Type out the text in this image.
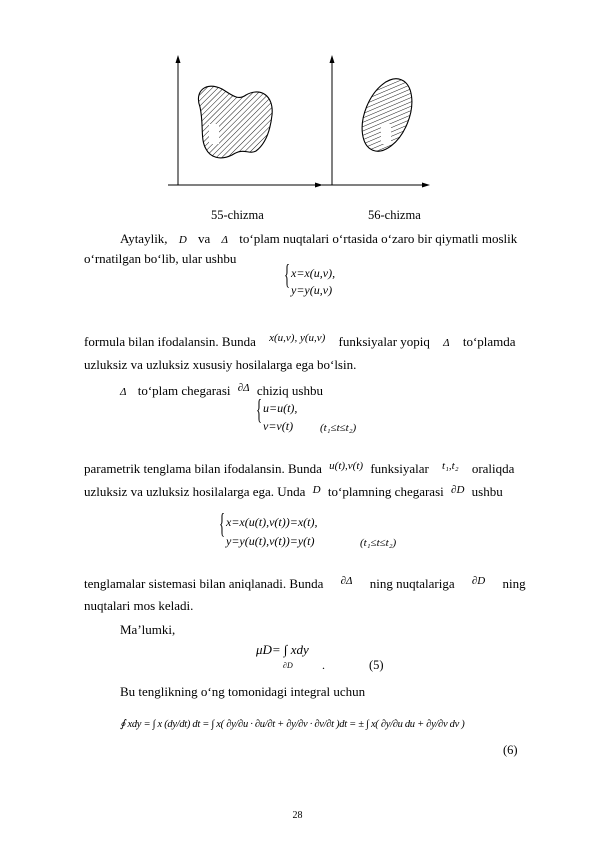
55-chizma	56-chizma
Aytaylik, D va Δ to‘plam nuqtalari o‘rtasida o‘zaro bir qiymatli moslik
o‘rnatilgan bo‘lib, ular ushbu
{ x=x(u,v),
y=y(u,v)
formula bilan ifodalansin. Bunda $^{x(u,v), y(u,v)}$ funksiyalar yopiq Δ to‘plamda
uzluksiz va uzluksiz xususiy hosilalarga ega bo‘lsin.
Δ to‘plam chegarasi $^{\partial\Delta}$ chiziq ushbu
{ u=u(t),
v=v(t) (t₁≤t≤t₂)
parametrik tenglama bilan ifodalansin. Bunda $^{u(t),v(t)}$ funksiyalar $^{t_1,t_2}$ oraliqda
uzluksiz va uzluksiz hosilalarga ega. Unda $^D$ to‘plamning chegarasi $^{\partial D}$ ushbu
{ x=x(u(t),v(t))=x(t),
y=y(u(t),v(t))=y(t)	(t₁≤t≤t₂)
tenglamalar sistemasi bilan aniqlanadi. Bunda $^{\partial\Delta}$ ning nuqtalariga $^{\partial D}$ ning
nuqtalari mos keladi.
Ma’lumki,
μD= ∫ xdy
∂D .	(5)
Bu tenglikning o‘ng tomonidagi integral uchun
∮ xdy = ∫ x (dy/dt) dt = ∫ x( ∂y/∂u · ∂u/∂t + ∂y/∂v · ∂v/∂t )dt = ± ∫ x( ∂y/∂u du + ∂y/∂v dv )
(6)
28
